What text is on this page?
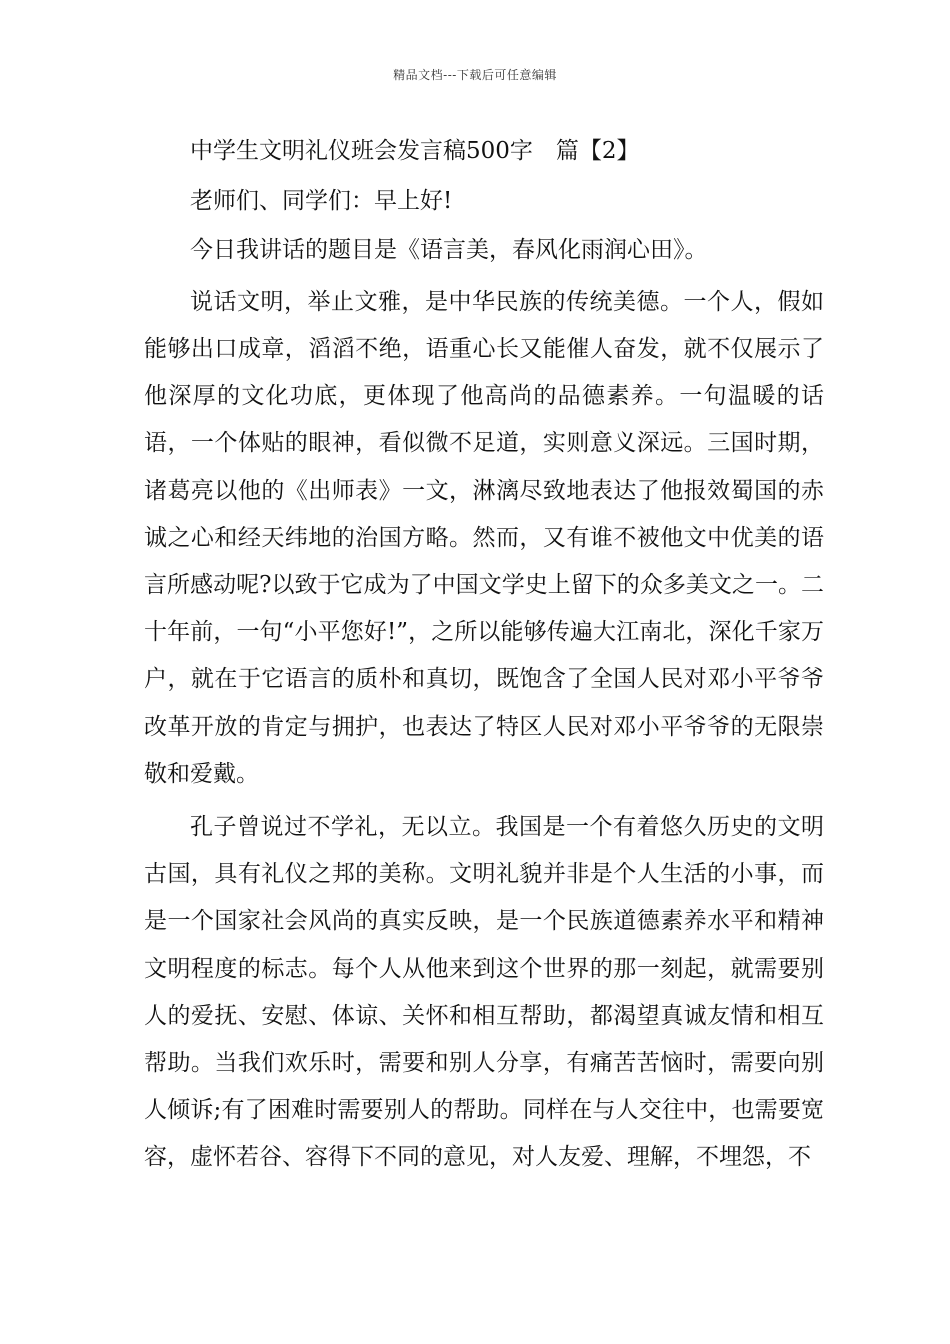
精品文档---下载后可任意编辑
中学生文明礼仪班会发言稿500字　篇【2】
老师们、同学们：早上好!
今日我讲话的题目是《语言美，春风化雨润心田》。

说话文明，举止文雅，是中华民族的传统美德。一个人，假如能够出口成章，滔滔不绝，语重心长又能催人奋发，就不仅展示了他深厚的文化功底，更体现了他高尚的品德素养。一句温暖的话语，一个体贴的眼神，看似微不足道，实则意义深远。三国时期，诸葛亮以他的《出师表》一文，淋漓尽致地表达了他报效蜀国的赤诚之心和经天纬地的治国方略。然而，又有谁不被他文中优美的语言所感动呢?以致于它成为了中国文学史上留下的众多美文之一。二十年前，一句“小平您好!”，之所以能够传遍大江南北，深化千家万户，就在于它语言的质朴和真切，既饱含了全国人民对邓小平爷爷改革开放的肯定与拥护，也表达了特区人民对邓小平爷爷的无限崇敬和爱戴。

孔子曾说过不学礼，无以立。我国是一个有着悠久历史的文明古国，具有礼仪之邦的美称。文明礼貌并非是个人生活的小事，而是一个国家社会风尚的真实反映，是一个民族道德素养水平和精神文明程度的标志。每个人从他来到这个世界的那一刻起，就需要别人的爱抚、安慰、体谅、关怀和相互帮助，都渴望真诚友情和相互帮助。当我们欢乐时，需要和别人分享，有痛苦苦恼时，需要向别人倾诉;有了困难时需要别人的帮助。同样在与人交往中，也需要宽容，虚怀若谷、容得下不同的意见，对人友爱、理解，不埋怨，不
